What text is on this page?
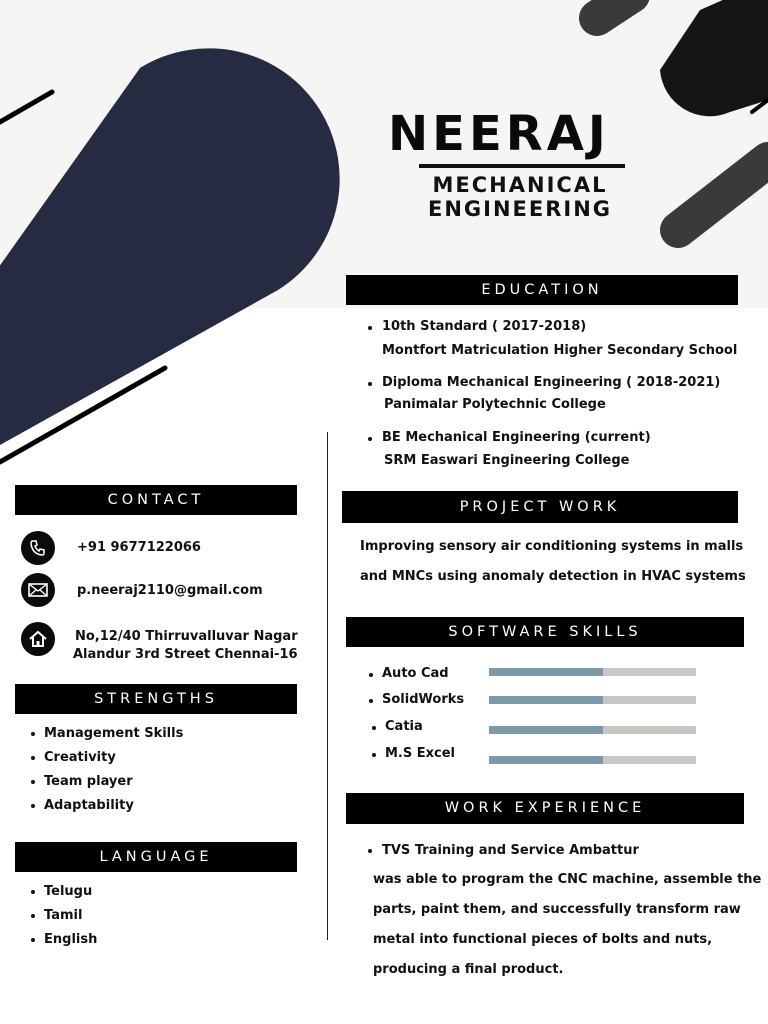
NEERAJ
MECHANICAL
ENGINEERING
CONTACT
+91 9677122066
p.neeraj2110@gmail.com
No,12/40 Thirruvalluvar Nagar
Alandur 3rd Street Chennai-16
STRENGTHS
Management Skills
Creativity
Team player
Adaptability
LANGUAGE
Telugu
Tamil
English
EDUCATION
10th Standard ( 2017-2018)
Montfort Matriculation Higher Secondary School
Diploma Mechanical Engineering ( 2018-2021)
Panimalar Polytechnic College
BE Mechanical Engineering (current)
SRM Easwari Engineering College
PROJECT WORK
Improving sensory air conditioning systems in malls
and MNCs using anomaly detection in HVAC systems
SOFTWARE SKILLS
Auto Cad
SolidWorks
Catia
M.S Excel
WORK EXPERIENCE
TVS Training and Service Ambattur
was able to program the CNC machine, assemble the
parts, paint them, and successfully transform raw
metal into functional pieces of bolts and nuts,
producing a final product.
